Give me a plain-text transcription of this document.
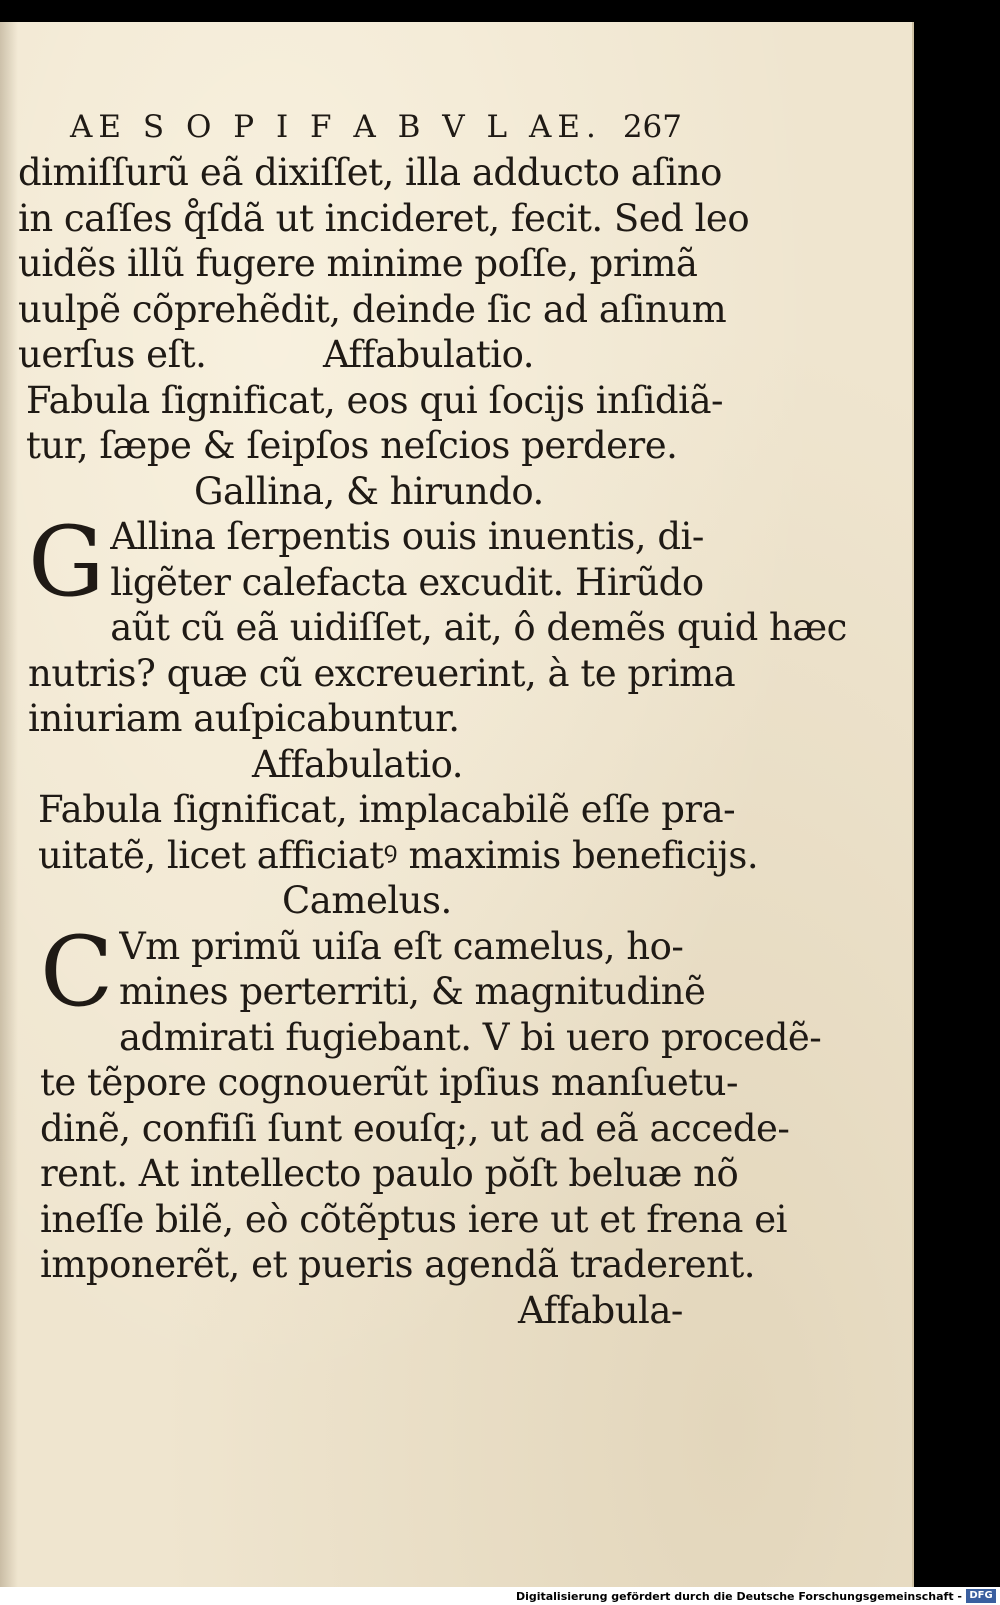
AE S O P I F A B V L AE. 267
dimiſſurũ eã dixiſſet, illa adducto aſino
in caſſes q̊ſdã ut incideret, fecit. Sed leo
uidẽs illũ fugere minime poſſe, primã
uulpẽ cõprehẽdit, deinde ſic ad aſinum
uerſus eſt.	Affabulatio.
Fabula ſignificat, eos qui ſocijs inſidiã-
tur, ſæpe & ſeipſos neſcios perdere.
Gallina, & hirundo.
G Allina ſerpentis ouis inuentis, di-
ligẽter calefacta excudit. Hirũdo
aũt cũ eã uidiſſet, ait, ô demẽs quid hæc
nutris? quæ cũ excreuerint, à te prima
iniuriam auſpicabuntur.
Affabulatio.
Fabula ſignificat, implacabilẽ eſſe pra-
uitatẽ, licet afficiatꝰ maximis beneficijs.
Camelus.
C Vm primũ uiſa eſt camelus, ho-
mines perterriti, & magnitudinẽ
admirati fugiebant. V bi uero procedẽ-
te tẽpore cognouerũt ipſius manſuetu-
dinẽ, confiſi ſunt eouſq;, ut ad eã accede-
rent. At intellecto paulo pŏſt beluæ nõ
ineſſe bilẽ, eò cõtẽptus iere ut et frena ei
imponerẽt, et pueris agendã traderent.
Affabula-
Digitalisierung gefördert durch die Deutsche Forschungsgemeinschaft - DFG
